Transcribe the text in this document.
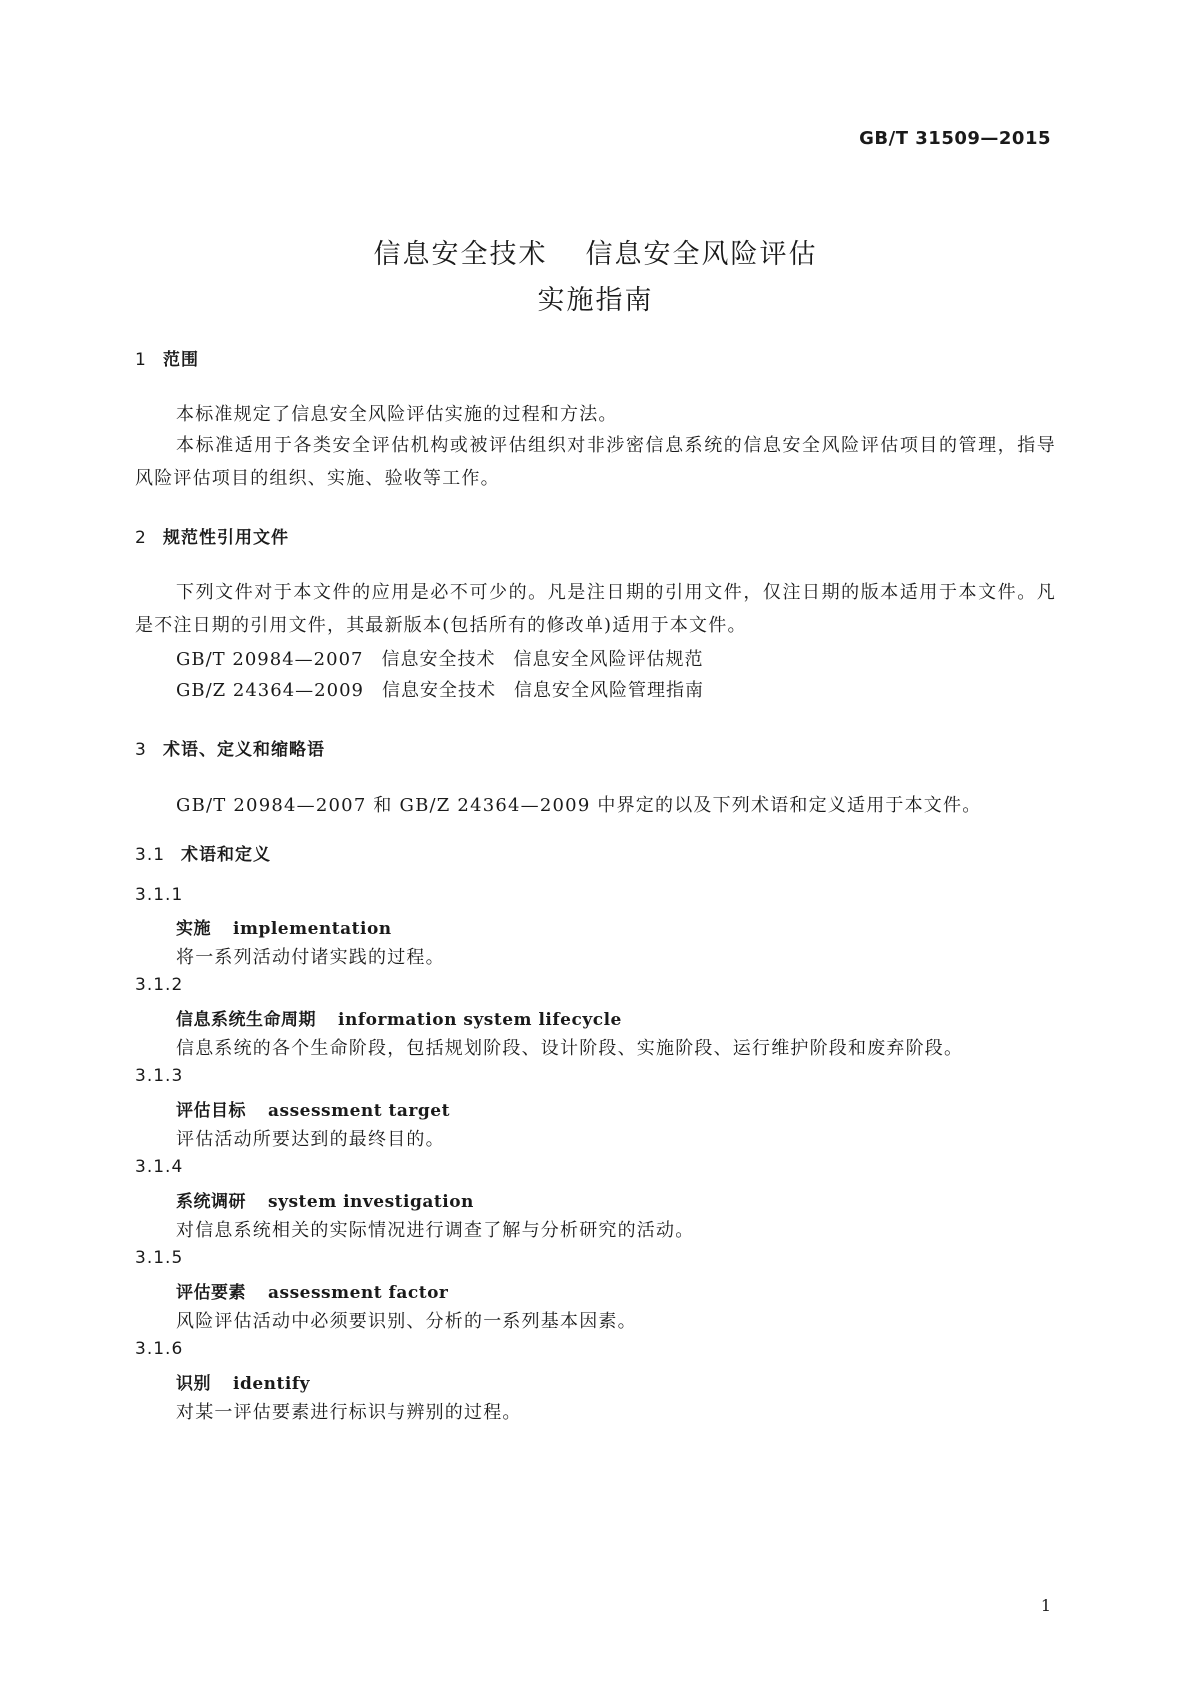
GB/T 31509—2015
信息安全技术 信息安全风险评估
实施指南
1 范围
本标准规定了信息安全风险评估实施的过程和方法。
本标准适用于各类安全评估机构或被评估组织对非涉密信息系统的信息安全风险评估项目的管理，指导风险评估项目的组织、实施、验收等工作。
2 规范性引用文件
下列文件对于本文件的应用是必不可少的。凡是注日期的引用文件，仅注日期的版本适用于本文件。凡是不注日期的引用文件，其最新版本(包括所有的修改单)适用于本文件。
GB/T 20984—2007 信息安全技术 信息安全风险评估规范
GB/Z 24364—2009 信息安全技术 信息安全风险管理指南
3 术语、定义和缩略语
GB/T 20984—2007 和 GB/Z 24364—2009 中界定的以及下列术语和定义适用于本文件。
3.1 术语和定义
3.1.1
实施 implementation
将一系列活动付诸实践的过程。
3.1.2
信息系统生命周期 information system lifecycle
信息系统的各个生命阶段，包括规划阶段、设计阶段、实施阶段、运行维护阶段和废弃阶段。
3.1.3
评估目标 assessment target
评估活动所要达到的最终目的。
3.1.4
系统调研 system investigation
对信息系统相关的实际情况进行调查了解与分析研究的活动。
3.1.5
评估要素 assessment factor
风险评估活动中必须要识别、分析的一系列基本因素。
3.1.6
识别 identify
对某一评估要素进行标识与辨别的过程。
1
